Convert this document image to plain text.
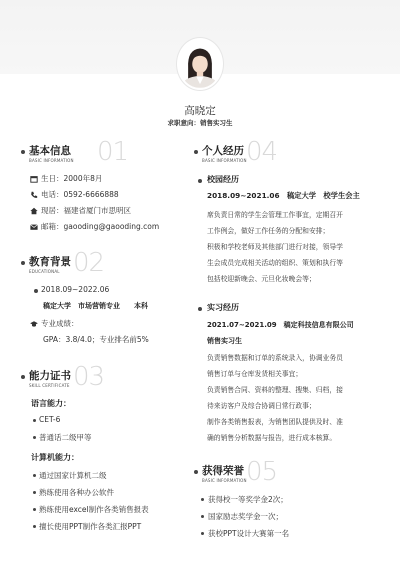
高晓定
求职意向：销售实习生
基本信息
BASIC INFORMATION 01
生日：2000年8月
电话：0592-6666888
现居：福建省厦门市思明区
邮箱：gaooding@gaooding.com
教育背景
EDUCATIONAL 02
2018.09~2022.06
稿定大学　市场营销专业　　本科
专业成绩：
GPA：3.8/4.0；专业排名前5%
能力证书
SKILL CERTIFICATE 03
语言能力：
CET-6
普通话二级甲等
计算机能力：
通过国家计算机二级
熟练使用各种办公软件
熟练使用excel制作各类销售报表
擅长使用PPT制作各类汇报PPT
个人经历
BASIC INFORMATION 04
校园经历
2018.09~2021.06　稿定大学　校学生会主
席负责日常的学生会管理工作事宜，定期召开
工作例会，做好工作任务的分配和安排；
积极和学校老师及其他部门进行对接，领导学
生会成员完成相关活动的组织、策划和执行等
包括校迎新晚会、元旦化妆晚会等；
实习经历
2021.07~2021.09　稿定科技信息有限公司
销售实习生
负责销售数据和订单的系统录入，协调业务员
销售订单与仓库发货相关事宜；
负责销售合同、资料的整理、搜集、归档，接
待来访客户及综合协调日常行政事；
制作各类销售报表，为销售团队提供及时、准
确的销售分析数据与报告，进行成本核算。
获得荣誉
BASIC INFORMATION 05
获得校一等奖学金2次；
国家励志奖学金一次；
获校PPT设计大赛第一名
